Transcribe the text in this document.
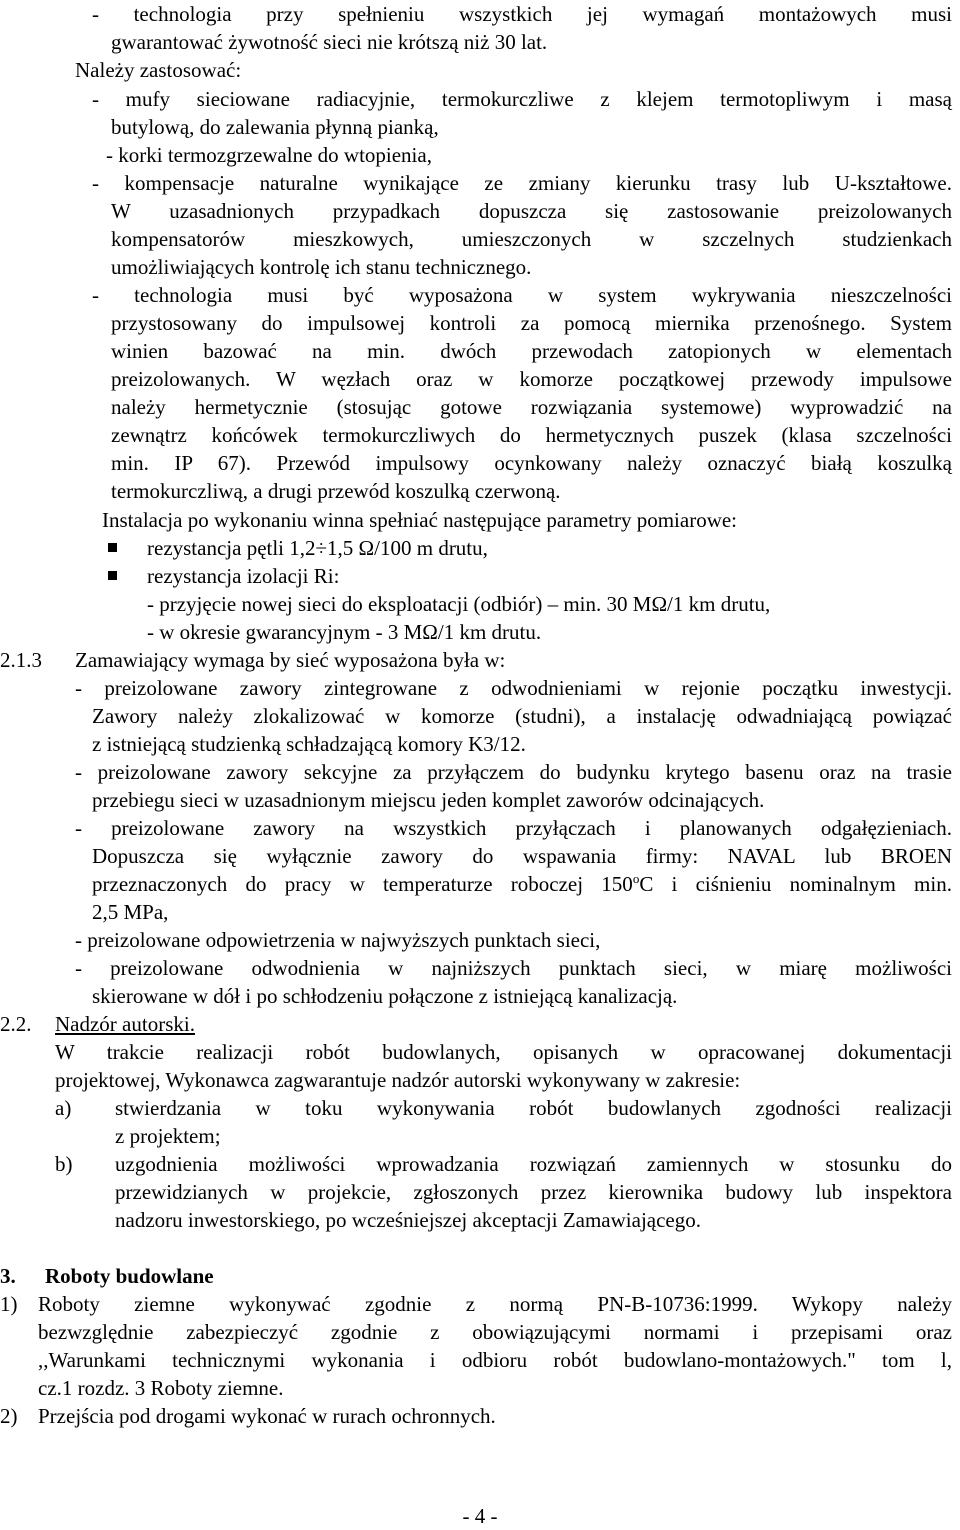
- technologia przy spełnieniu wszystkich jej wymagań montażowych musi
gwarantować żywotność sieci nie krótszą niż 30 lat.
Należy zastosować:
- mufy sieciowane radiacyjnie, termokurczliwe z klejem termotopliwym i masą
butylową, do zalewania płynną pianką,
- korki termozgrzewalne do wtopienia,
- kompensacje naturalne wynikające ze zmiany kierunku trasy lub U-kształtowe.
W uzasadnionych przypadkach dopuszcza się zastosowanie preizolowanych
kompensatorów mieszkowych, umieszczonych w szczelnych studzienkach
umożliwiających kontrolę ich stanu technicznego.
- technologia musi być wyposażona w system wykrywania nieszczelności
przystosowany do impulsowej kontroli za pomocą miernika przenośnego. System
winien bazować na min. dwóch przewodach zatopionych w elementach
preizolowanych. W węzłach oraz w komorze początkowej przewody impulsowe
należy hermetycznie (stosując gotowe rozwiązania systemowe) wyprowadzić na
zewnątrz końcówek termokurczliwych do hermetycznych puszek (klasa szczelności
min. IP 67). Przewód impulsowy ocynkowany należy oznaczyć białą koszulką
termokurczliwą, a drugi przewód koszulką czerwoną.
Instalacja po wykonaniu winna spełniać następujące parametry pomiarowe:
rezystancja pętli 1,2÷1,5 Ω/100 m drutu,
rezystancja izolacji Ri:
- przyjęcie nowej sieci do eksploatacji (odbiór) – min. 30 MΩ/1 km drutu,
- w okresie gwarancyjnym - 3 MΩ/1 km drutu.
2.1.3 Zamawiający wymaga by sieć wyposażona była w:
- preizolowane zawory zintegrowane z odwodnieniami w rejonie początku inwestycji.
Zawory należy zlokalizować w komorze (studni), a instalację odwadniającą powiązać
z istniejącą studzienką schładzającą komory K3/12.
- preizolowane zawory sekcyjne za przyłączem do budynku krytego basenu oraz na trasie
przebiegu sieci w uzasadnionym miejscu jeden komplet zaworów odcinających.
- preizolowane zawory na wszystkich przyłączach i planowanych odgałęzieniach.
Dopuszcza się wyłącznie zawory do wspawania firmy: NAVAL lub BROEN
przeznaczonych do pracy w temperaturze roboczej 150$^o$C i ciśnieniu nominalnym min.
2,5 MPa,
- preizolowane odpowietrzenia w najwyższych punktach sieci,
- preizolowane odwodnienia w najniższych punktach sieci, w miarę możliwości
skierowane w dół i po schłodzeniu połączone z istniejącą kanalizacją.
2.2. Nadzór autorski.
W trakcie realizacji robót budowlanych, opisanych w opracowanej dokumentacji
projektowej, Wykonawca zagwarantuje nadzór autorski wykonywany w zakresie:
a) stwierdzania w toku wykonywania robót budowlanych zgodności realizacji
z projektem;
b) uzgodnienia możliwości wprowadzania rozwiązań zamiennych w stosunku do
przewidzianych w projekcie, zgłoszonych przez kierownika budowy lub inspektora
nadzoru inwestorskiego, po wcześniejszej akceptacji Zamawiającego.
3. Roboty budowlane
1) Roboty ziemne wykonywać zgodnie z normą PN-B-10736:1999. Wykopy należy
bezwzględnie zabezpieczyć zgodnie z obowiązującymi normami i przepisami oraz
,,Warunkami technicznymi wykonania i odbioru robót budowlano-montażowych." tom l,
cz.1 rozdz. 3 Roboty ziemne.
2) Przejścia pod drogami wykonać w rurach ochronnych.
- 4 -
